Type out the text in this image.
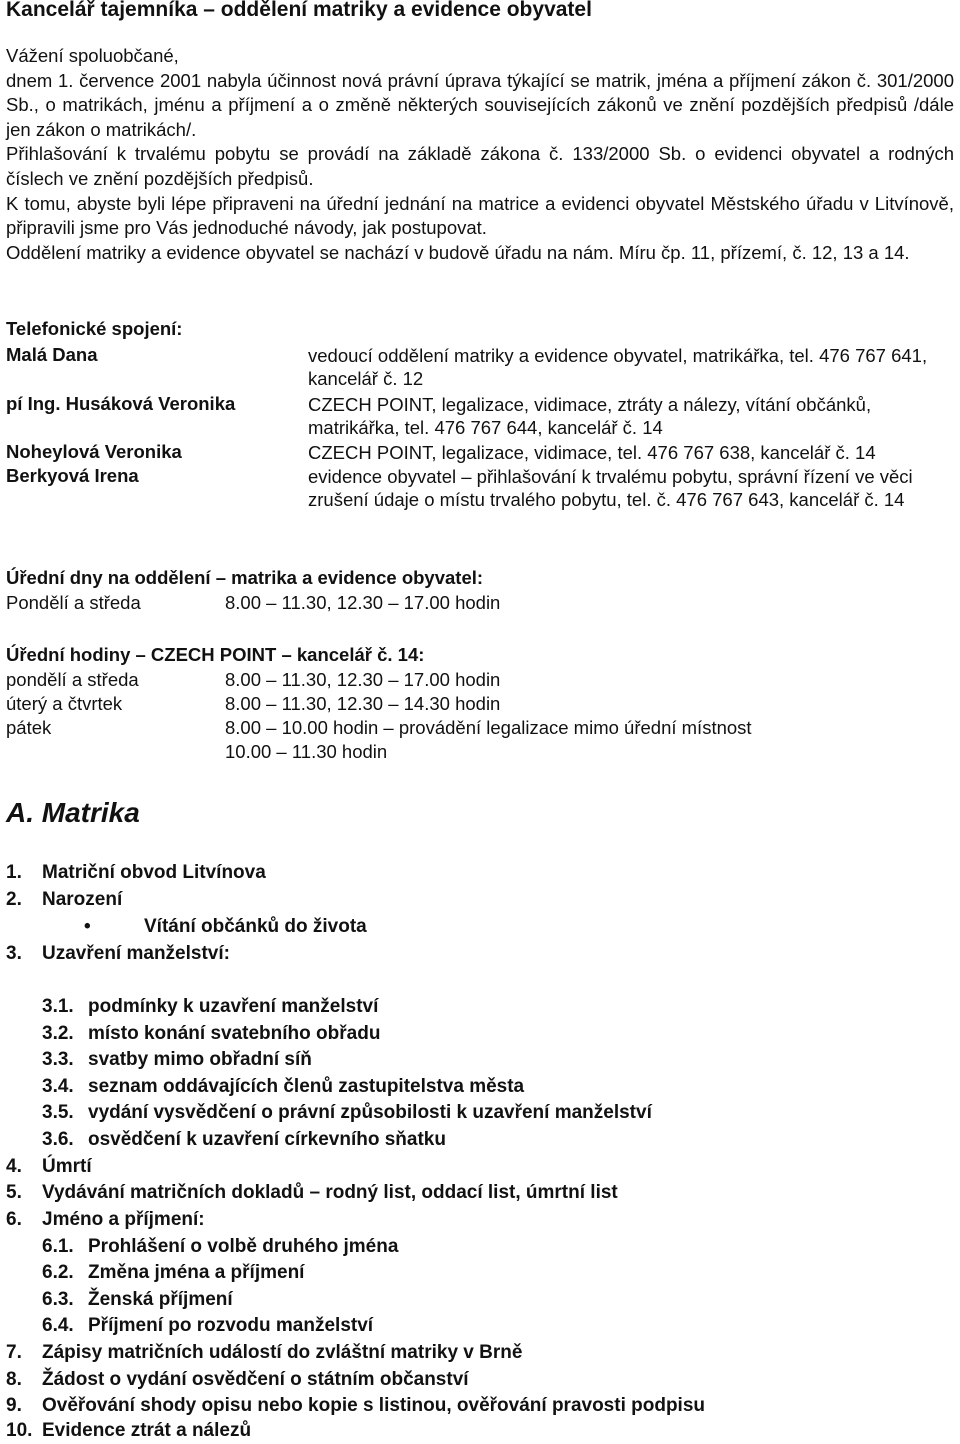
Kancelář tajemníka – oddělení matriky a evidence obyvatel

Vážení spoluobčané,

dnem 1. července 2001 nabyla účinnost nová právní úprava týkající se matrik, jména a příjmení zákon č. 301/2000 Sb., o matrikách, jménu a příjmení a o změně některých souvisejících zákonů ve znění pozdějších předpisů /dále jen zákon o matrikách/.

Přihlašování k trvalému pobytu se provádí na základě zákona č. 133/2000 Sb. o evidenci obyvatel a rodných číslech ve znění pozdějších předpisů.

K tomu, abyste byli lépe připraveni na úřední jednání na matrice a evidenci obyvatel Městského úřadu v Litvínově, připravili jsme pro Vás jednoduché návody, jak postupovat.

Oddělení matriky a evidence obyvatel se nachází v budově úřadu na nám. Míru čp. 11, přízemí, č. 12, 13 a 14.

Telefonické spojení:
Malá Dana	vedoucí oddělení matriky a evidence obyvatel, matrikářka, tel. 476 767 641, kancelář č. 12
pí Ing. Husáková Veronika	CZECH POINT, legalizace, vidimace, ztráty a nálezy, vítání občánků, matrikářka, tel. 476 767 644, kancelář č. 14
Noheylová Veronika	CZECH POINT, legalizace, vidimace, tel. 476 767 638, kancelář č. 14
Berkyová Irena	evidence obyvatel – přihlašování k trvalému pobytu, správní řízení ve věci zrušení údaje o místu trvalého pobytu, tel. č. 476 767 643, kancelář č. 14
Úřední dny na oddělení – matrika a evidence obyvatel:
Pondělí a středa	8.00 – 11.30, 12.30 – 17.00 hodin
Úřední hodiny – CZECH POINT – kancelář č. 14:
pondělí a středa	8.00 – 11.30, 12.30 – 17.00 hodin
úterý a čtvrtek	8.00 – 11.30, 12.30 – 14.30 hodin
pátek	8.00 – 10.00 hodin – provádění legalizace mimo úřední místnost
10.00 – 11.30 hodin
A. Matrika
1. Matriční obvod Litvínova
2. Narození
•	Vítání občánků do života
3. Uzavření manželství:
3.1. podmínky k uzavření manželství
3.2. místo konání svatebního obřadu
3.3. svatby mimo obřadní síň
3.4. seznam oddávajících členů zastupitelstva města
3.5. vydání vysvědčení o právní způsobilosti k uzavření manželství
3.6. osvědčení k uzavření církevního sňatku
4. Úmrtí
5. Vydávání matričních dokladů – rodný list, oddací list, úmrtní list
6. Jméno a příjmení:
6.1. Prohlášení o volbě druhého jména
6.2. Změna jména a příjmení
6.3. Ženská příjmení
6.4. Příjmení po rozvodu manželství
7. Zápisy matričních událostí do zvláštní matriky v Brně
8. Žádost o vydání osvědčení o státním občanství
9. Ověřování shody opisu nebo kopie s listinou, ověřování pravosti podpisu
10. Evidence ztrát a nálezů
